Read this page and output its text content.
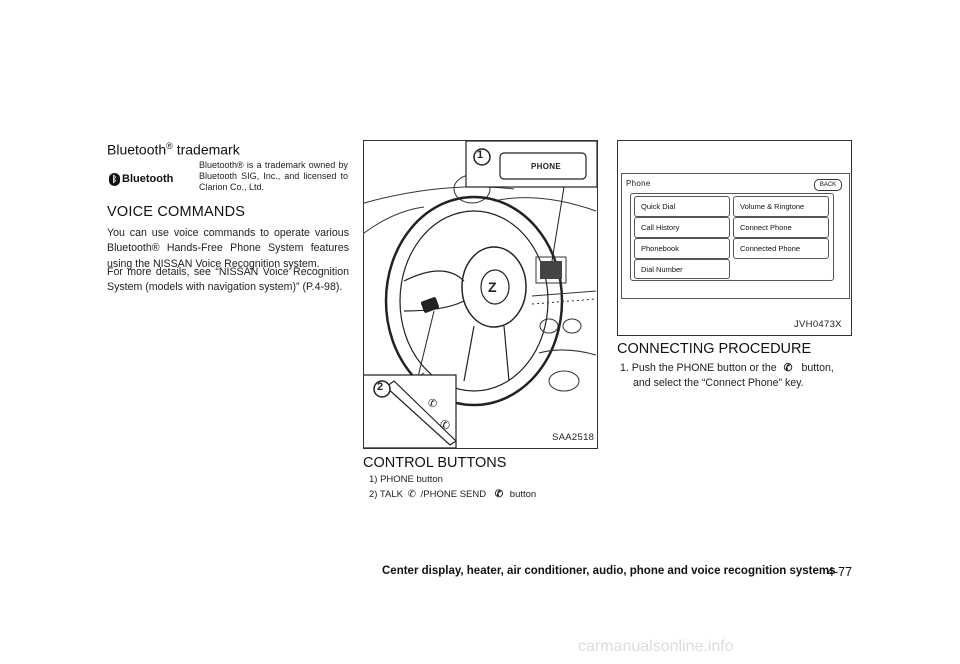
Bluetooth® trademark
ᛒ Bluetooth
Bluetooth® is a trademark owned by Bluetooth SIG, Inc., and licensed to Clarion Co., Ltd.
VOICE COMMANDS
You can use voice commands to operate various Bluetooth® Hands-Free Phone System features using the NISSAN Voice Recognition system.
For more details, see “NISSAN Voice Recognition System (models with navigation system)” (P.4-98).	Z
✆
✆
1
PHONE
2
SAA2518
CONTROL BUTTONS
1) PHONE button
2) TALK ✆ /PHONE SEND ✆ button
Phone	BACK
Quick Dial
Call History
Phonebook
Dial Number
Volume & Ringtone
Connect Phone
Connected Phone
JVH0473X
CONNECTING PROCEDURE
1. Push the PHONE button or the ✆ button,
and select the “Connect Phone” key.
Center display, heater, air conditioner, audio, phone and voice recognition systems
4-77
carmanualsonline.info
